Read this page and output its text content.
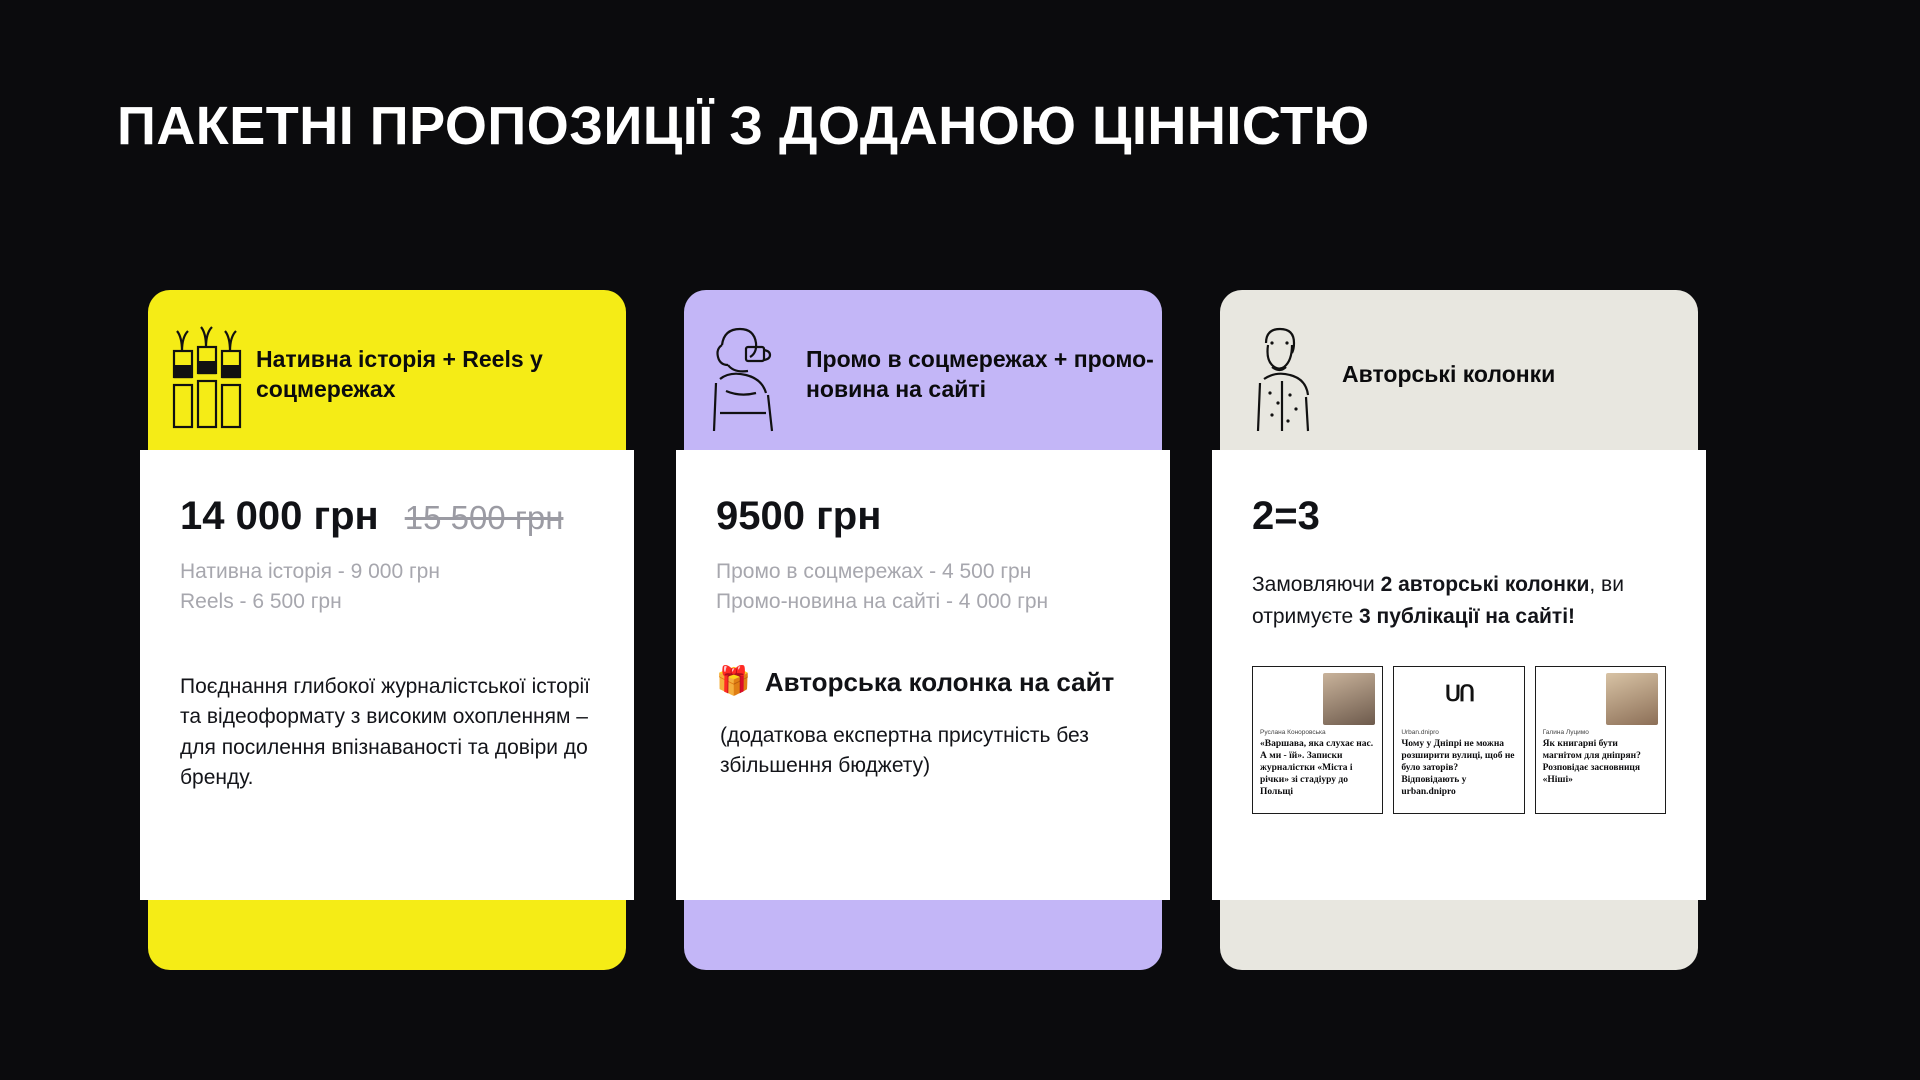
ПАКЕТНІ ПРОПОЗИЦІЇ З ДОДАНОЮ ЦІННІСТЮ
Нативна історія + Reels у соцмережах
14 000 грн 15 500 грн
Нативна історія - 9 000 грн
Reels - 6 500 грн
Поєднання глибокої журналістської історії та відеоформату з високим охопленням – для посилення впізнаваності та довіри до бренду.
Промо в соцмережах + промо-новина на сайті
9500 грн
Промо в соцмережах - 4 500 грн
Промо-новина на сайті - 4 000 грн
🎁 Авторська колонка на сайт
(додаткова експертна присутність без збільшення бюджету)
Авторські колонки
2=3
Замовляючи 2 авторські колонки, ви отримуєте 3 публікації на сайті!
Руслана Коноровська
«Варшава, яка слухає нас. А ми - їй». Записки журналістки «Міста і річки» зі стадіуру до Польщі
ᑌᑎ
Urban.dnipro
Чому у Дніпрі не можна розширити вулиці, щоб не було заторів? Відповідають у urban.dnipro
Галина Луцимо
Як книгарні бути магнітом для дніпрян? Розповідає засновниця «Ніші»
